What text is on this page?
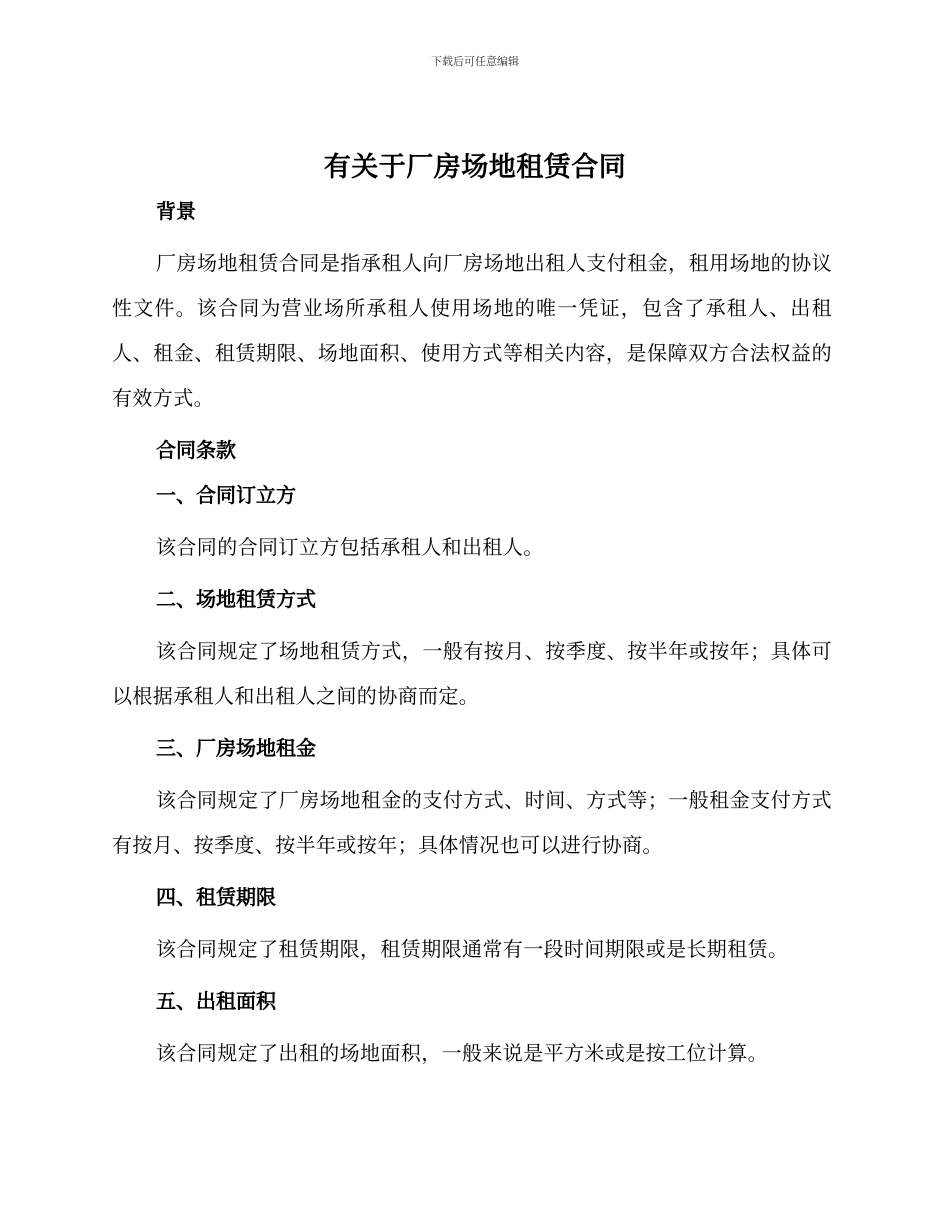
下载后可任意编辑
有关于厂房场地租赁合同
背景
厂房场地租赁合同是指承租人向厂房场地出租人支付租金，租用场地的协议性文件。该合同为营业场所承租人使用场地的唯一凭证，包含了承租人、出租人、租金、租赁期限、场地面积、使用方式等相关内容，是保障双方合法权益的有效方式。
合同条款
一、合同订立方
该合同的合同订立方包括承租人和出租人。
二、场地租赁方式
该合同规定了场地租赁方式，一般有按月、按季度、按半年或按年；具体可以根据承租人和出租人之间的协商而定。
三、厂房场地租金
该合同规定了厂房场地租金的支付方式、时间、方式等；一般租金支付方式有按月、按季度、按半年或按年；具体情况也可以进行协商。
四、租赁期限
该合同规定了租赁期限，租赁期限通常有一段时间期限或是长期租赁。
五、出租面积
该合同规定了出租的场地面积，一般来说是平方米或是按工位计算。
